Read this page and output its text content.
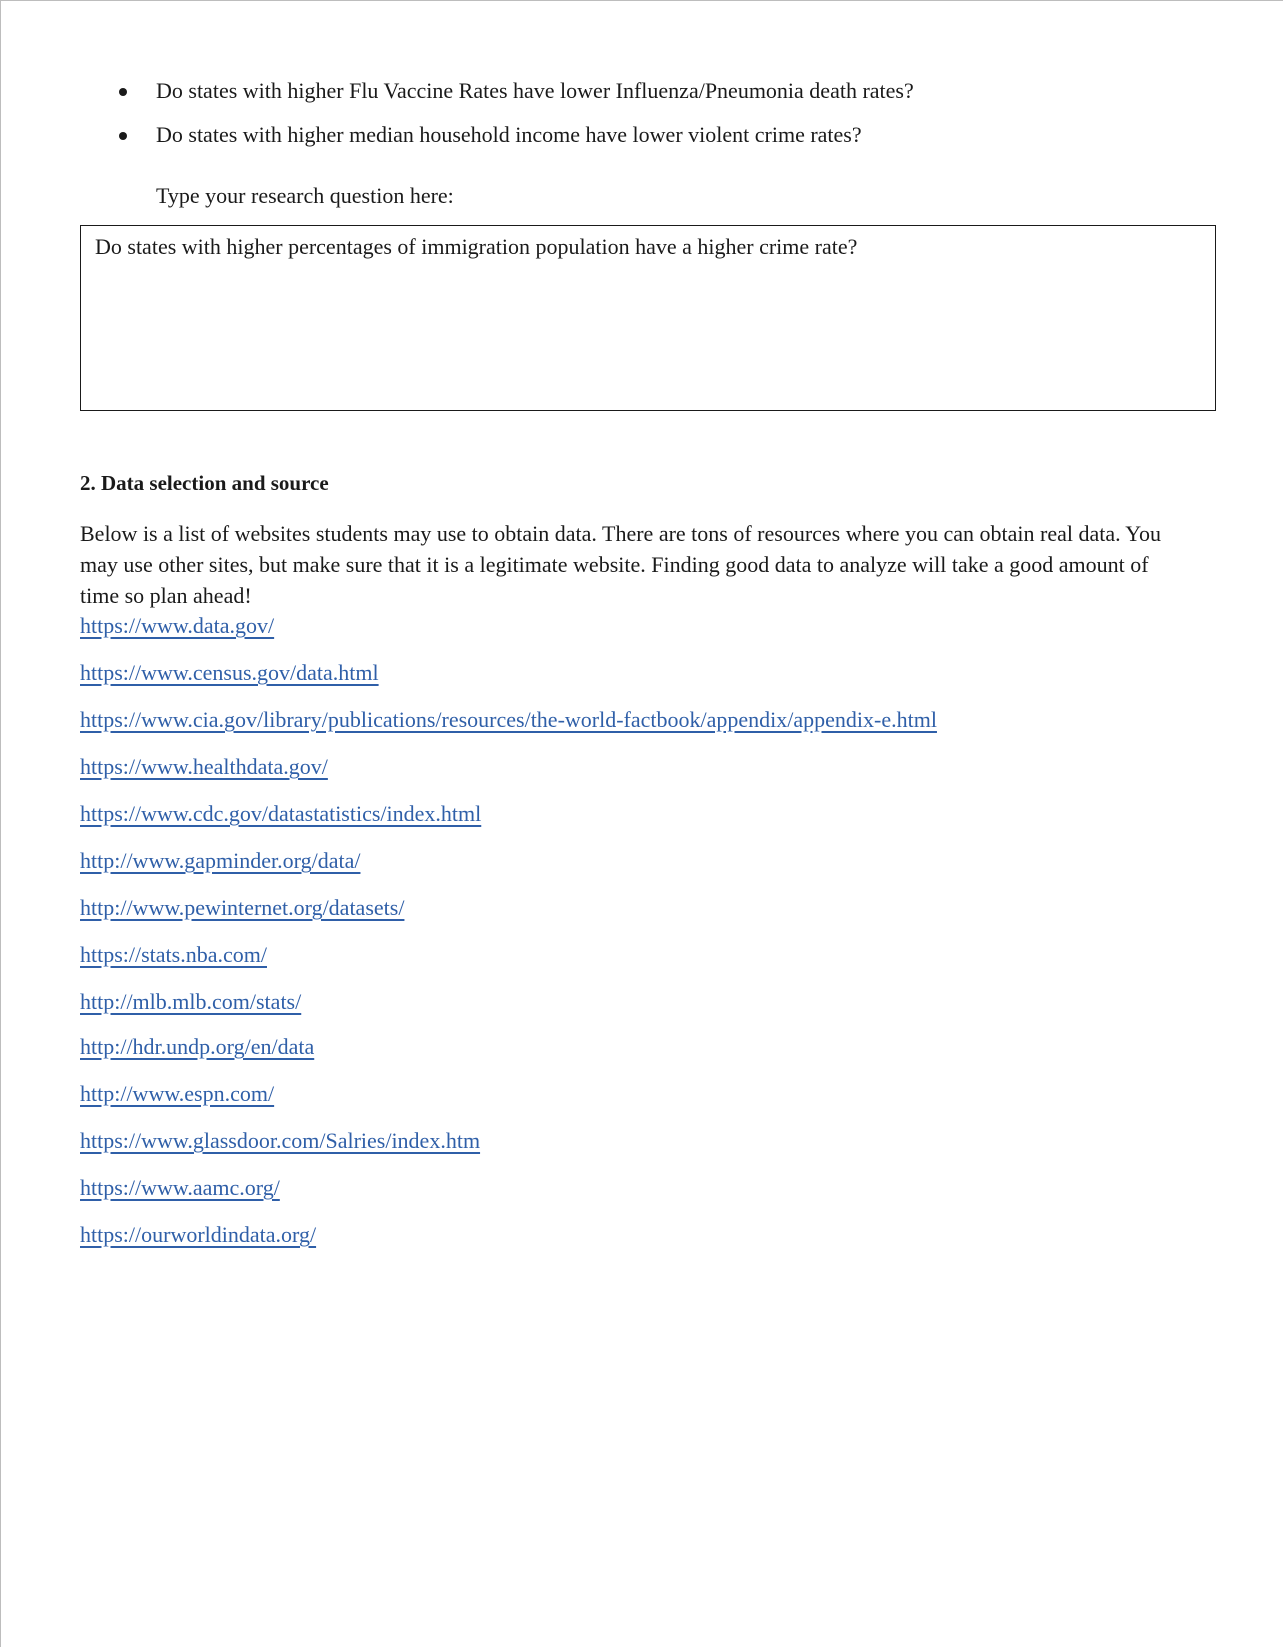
Do states with higher Flu Vaccine Rates have lower Influenza/Pneumonia death rates?
Do states with higher median household income have lower violent crime rates?
Type your research question here:
Do states with higher percentages of immigration population have a higher crime rate?
2. Data selection and source
Below is a list of websites students may use to obtain data. There are tons of resources where you can obtain real data. You may use other sites, but make sure that it is a legitimate website. Finding good data to analyze will take a good amount of time so plan ahead!
https://www.data.gov/
https://www.census.gov/data.html
https://www.cia.gov/library/publications/resources/the-world-factbook/appendix/appendix-e.html
https://www.healthdata.gov/
https://www.cdc.gov/datastatistics/index.html
http://www.gapminder.org/data/
http://www.pewinternet.org/datasets/
https://stats.nba.com/
http://mlb.mlb.com/stats/
http://hdr.undp.org/en/data
http://www.espn.com/
https://www.glassdoor.com/Salries/index.htm
https://www.aamc.org/
https://ourworldindata.org/
